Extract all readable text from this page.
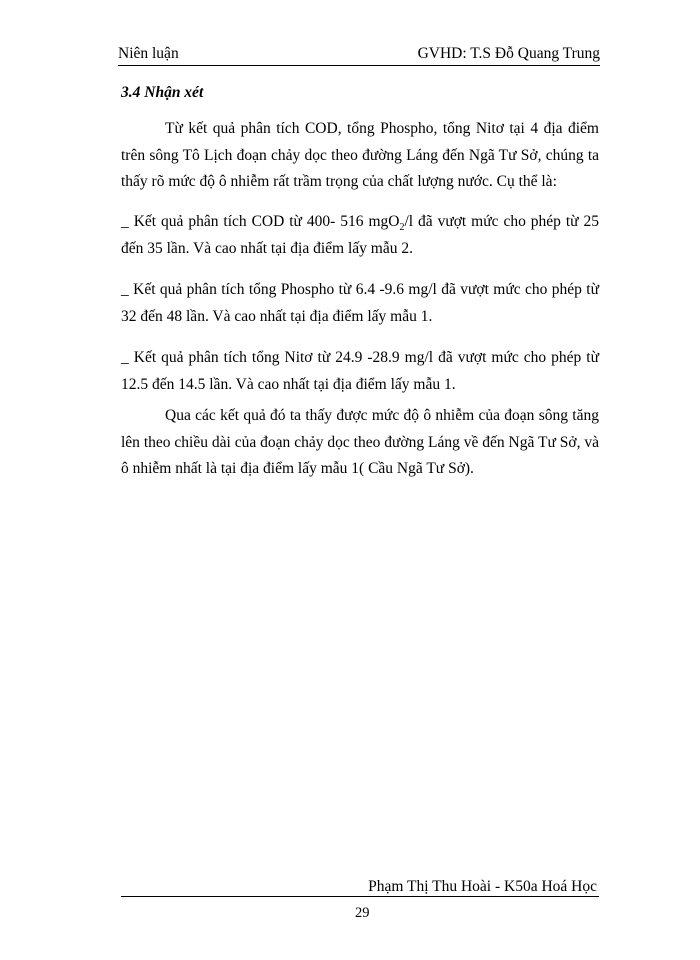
Niên luận	GVHD: T.S Đỗ Quang Trung
3.4 Nhận xét

Từ kết quả phân tích COD, tổng Phospho, tổng Nitơ tại 4 địa điểm trên sông Tô Lịch đoạn chảy dọc theo đường Láng đến Ngã Tư Sở, chúng ta thấy rõ mức độ ô nhiễm rất trầm trọng của chất lượng nước. Cụ thể là:

_ Kết quả phân tích COD từ 400- 516 mgO$_2$/l đã vượt mức cho phép từ 25 đến 35 lần. Và cao nhất tại địa điểm lấy mẫu 2.

_ Kết quả phân tích tổng Phospho từ 6.4 -9.6 mg/l đã vượt mức cho phép từ 32 đến 48 lần. Và cao nhất tại địa điểm lấy mẫu 1.

_ Kết quả phân tích tổng Nitơ từ 24.9 -28.9 mg/l đã vượt mức cho phép từ 12.5 đến 14.5 lần. Và cao nhất tại địa điểm lấy mẫu 1.

Qua các kết quả đó ta thấy được mức độ ô nhiễm của đoạn sông tăng lên theo chiều dài của đoạn chảy dọc theo đường Láng về đến Ngã Tư Sở, và ô nhiễm nhất là tại địa điểm lấy mẫu 1( Cầu Ngã Tư Sở).

Phạm Thị Thu Hoài - K50a Hoá Học
29
